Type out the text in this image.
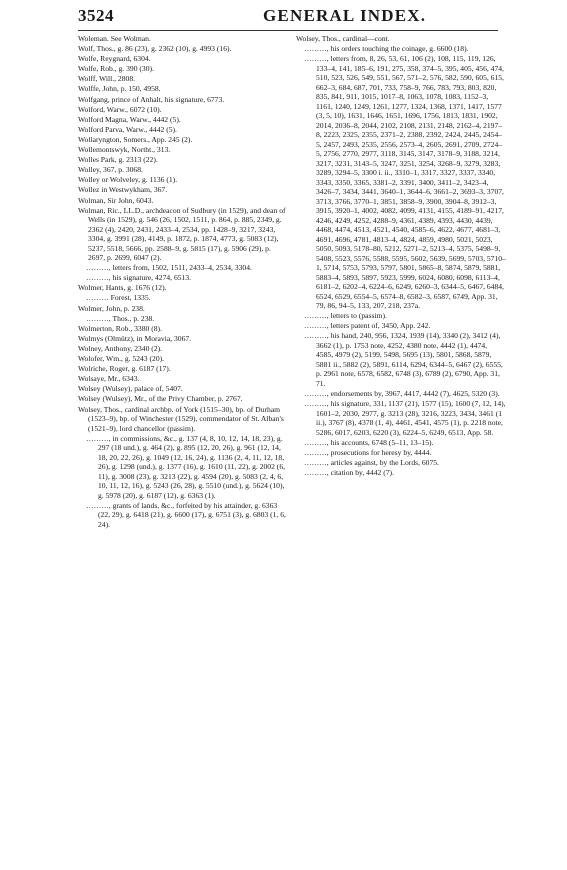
3524	GENERAL INDEX.
Woleman. See Wolman.
Wolf, Thos., g. 86 (23), g. 2362 (10), g. 4993 (16).
Wolfe, Reygnard, 6304.
Wolfe, Rob., g. 390 (30).
Wolff, Will., 2808.
Wolffe, John, p. 150, 4958.
Wolfgang, prince of Anhalt, his signature, 6773.
Wolford, Warw., 6072 (10).
Wolford Magna, Warw., 4442 (5).
Wolford Parva, Warw., 4442 (5).
Wollaryngton, Somers., App. 245 (2).
Wollemontswyk, Northt., 313.
Wolles Park, g. 2313 (22).
Wolley, 367, p. 3068.
Wolley or Wolveley, g. 1136 (1).
Wollez in Westwykham, 367.
Wolman, Sir John, 6043.
Wolman, Ric., LL.D., archdeacon of Sudbury (in 1529), and dean of Wells (in 1529), g. 546 (26, 1502, 1511, p. 864, p. 885, 2349, g. 2362 (4), 2420, 2431, 2433–4, 2534, pp. 1428–9, 3217, 3243, 3304, g. 3991 (28), 4149, p. 1872, p. 1874, 4773, g. 5083 (12), 5237, 5518, 5666, pp. 2588–9, g. 5815 (17), g. 5906 (29), p. 2697, p. 2699, 6047 (2).
………, letters from, 1502, 1511, 2433–4, 2534, 3304.
………, his signature, 4274, 6513.
Wolmer, Hants, g. 1676 (12).
……… Forest, 1335.
Wolmer, John, p. 238.
………, Thos., p. 238.
Wolmerton, Rob., 3380 (8).
Wolmys (Olmütz), in Moravia, 3067.
Wolney, Anthony, 2340 (2).
Wolofer, Wm., g. 5243 (20).
Wolriche, Roger, g. 6187 (17).
Wolsaye, Mr., 6343.
Wolsey (Wulsey), palace of, 5407.
Wolsey (Wulsey), Mr., of the Privy Chamber, p. 2767.
Wolsey, Thos., cardinal archbp. of York (1515–30), bp. of Durham (1523–9), bp. of Winchester (1529), commendator of St. Alban's (1521–9), lord chancellor (passim).
………, in commissions, &c., g. 137 (4, 8, 10, 12, 14, 18, 23), g. 297 (18 und.), g. 464 (2), g. 895 (12, 20, 26), g. 961 (12, 14, 18, 20, 22, 26), g. 1049 (12, 16, 24), g. 1136 (2, 4, 11, 12, 18, 26), g. 1298 (und.), g. 1377 (16), g. 1610 (11, 22), g. 2002 (6, 11), g. 3008 (23), g. 3213 (22), g. 4594 (20), g. 5083 (2, 4, 6, 10, 11, 12, 16), g. 5243 (26, 28), g. 5510 (und.), g. 5624 (10), g. 5978 (20), g. 6187 (12), g. 6363 (1).
………, grants of lands, &c., forfeited by his attainder, g. 6363 (22, 29), g. 6418 (21), g. 6600 (17), g. 6751 (3), g. 6803 (1, 6, 24).
Wolsey, Thos., cardinal—cont.
………, his orders touching the coinage, g. 6600 (18).
………, letters from, 8, 26, 53, 61, 106 (2), 108, 115, 119, 126, 133–4, 141, 185–6, 191, 275, 358, 374–5, 395, 405, 456, 474, 510, 523, 526, 549, 551, 567, 571–2, 576, 582, 590, 605, 615, 662–3, 684, 687, 701, 733, 758–9, 766, 783, 793, 803, 820, 835, 841, 911, 1015, 1017–8, 1063, 1078, 1083, 1152–3, 1161, 1240, 1249, 1261, 1277, 1324, 1368, 1371, 1417, 1577 (3, 5, 10), 1631, 1646, 1651, 1696, 1756, 1813, 1831, 1902, 2014, 2036–8, 2044, 2102, 2108, 2131, 2148, 2162–4, 2197–8, 2223, 2325, 2355, 2371–2, 2388, 2392, 2424, 2445, 2454–5, 2457, 2493, 2535, 2556, 2573–4, 2605, 2691, 2709, 2724–5, 2756, 2770, 2977, 3118, 3145, 3147, 3178–9, 3188, 3214, 3217, 3231, 3143–5, 3247, 3251, 3254, 3268–9, 3279, 3283, 3289, 3294–5, 3300 i. ii., 3310–1, 3317, 3327, 3337, 3340, 3343, 3350, 3365, 3381–2, 3391, 3400, 3411–2, 3423–4, 3426–7, 3434, 3441, 3640–1, 3644–6, 3661–2, 3693–3, 3707, 3713, 3766, 3770–1, 3851, 3858–9, 3900, 3904–8, 3912–3, 3915, 3920–1, 4002, 4082, 4099, 4131, 4155, 4189–91, 4217, 4246, 4249, 4252, 4288–9, 4361, 4389, 4393, 4430, 4439, 4468, 4474, 4513, 4521, 4540, 4585–6, 4622, 4677, 4681–3, 4691, 4696, 4781, 4813–4, 4824, 4859, 4980, 5021, 5023, 5050, 5093, 5178–80, 5212, 5271–2, 5213–4, 5375, 5498–9, 5408, 5523, 5576, 5588, 5595, 5602, 5639, 5699, 5703, 5710–1, 5714, 5753, 5793, 5797, 5801, 5865–8, 5874, 5879, 5881, 5883–4, 5893, 5897, 5923, 5999, 6024, 6080, 6098, 6113–4, 6181–2, 6202–4, 6224–6, 6249, 6260–3, 6344–5, 6467, 6484, 6524, 6529, 6554–5, 6574–8, 6582–3, 6587, 6749, App. 31, 79, 86, 94–5, 133, 207, 218, 237a.
………, letters to (passim).
………, letters patent of, 3450, App. 242.
………, his hand, 240, 956, 1324, 1939 (14), 3340 (2), 3412 (4), 3662 (1), p. 1753 note, 4252, 4380 note, 4442 (1), 4474, 4585, 4979 (2), 5199, 5498, 5695 (13), 5801, 5868, 5879, 5881 ii., 5882 (2), 5891, 6114, 6294, 6344–5, 6467 (2), 6555, p. 2961 note, 6578, 6582, 6748 (3), 6789 (2), 6790, App. 31, 71.
………, endorsements by, 3967, 4417, 4442 (7), 4625, 5320 (3).
………, his signature, 331, 1137 (21), 1577 (15), 1600 (7, 12, 14), 1601–2, 2030, 2977, g. 3213 (28), 3216, 3223, 3434, 3461 (1 ii.), 3767 (8), 4378 (1, 4), 4461, 4541, 4575 (1), p. 2218 note, 5286, 6017, 6203, 6220 (3), 6224–5, 6249, 6513, App. 58.
………, his accounts, 6748 (5–11, 13–15).
………, prosecutions for heresy by, 4444.
………, articles against, by the Lords, 6075.
………, citation by, 4442 (7).
